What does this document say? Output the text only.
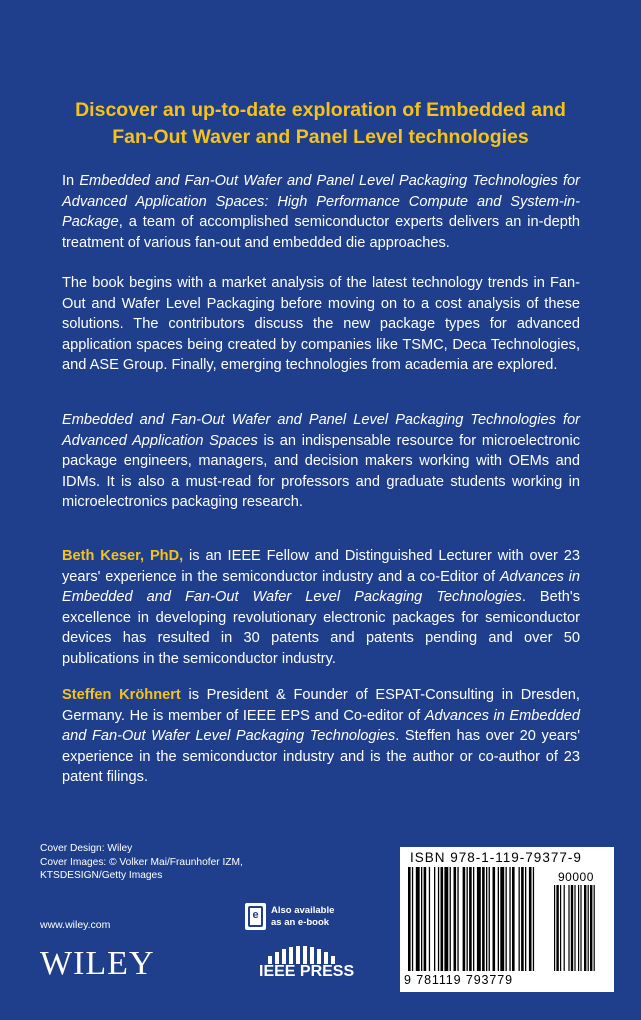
Discover an up-to-date exploration of Embedded and
Fan-Out Waver and Panel Level technologies

In Embedded and Fan-Out Wafer and Panel Level Packaging Technologies for Advanced Application Spaces: High Performance Compute and System-in-Package, a team of accomplished semiconductor experts delivers an in-depth treatment of various fan-out and embedded die approaches.

The book begins with a market analysis of the latest technology trends in Fan-Out and Wafer Level Packaging before moving on to a cost analysis of these solutions. The contributors discuss the new package types for advanced application spaces being created by companies like TSMC, Deca Technologies, and ASE Group. Finally, emerging technologies from academia are explored.

Embedded and Fan-Out Wafer and Panel Level Packaging Technologies for Advanced Application Spaces is an indispensable resource for microelectronic package engineers, managers, and decision makers working with OEMs and IDMs. It is also a must-read for professors and graduate students working in microelectronics packaging research.

Beth Keser, PhD, is an IEEE Fellow and Distinguished Lecturer with over 23 years' experience in the semiconductor industry and a co-Editor of Advances in Embedded and Fan-Out Wafer Level Packaging Technologies. Beth's excellence in developing revolutionary electronic packages for semiconductor devices has resulted in 30 patents and patents pending and over 50 publications in the semiconductor industry.

Steffen Kröhnert is President & Founder of ESPAT-Consulting in Dresden, Germany. He is member of IEEE EPS and Co-editor of Advances in Embedded and Fan-Out Wafer Level Packaging Technologies. Steffen has over 20 years' experience in the semiconductor industry and is the author or co-author of 23 patent filings.

Cover Design: Wiley
Cover Images: © Volker Mai/Fraunhofer IZM,
KTSDESIGN/Getty Images
www.wiley.com
WILEY
e	Also available
as an e-book
IEEE PRESS
ISBN 978-1-119-79377-9
90000
9 781119 793779
